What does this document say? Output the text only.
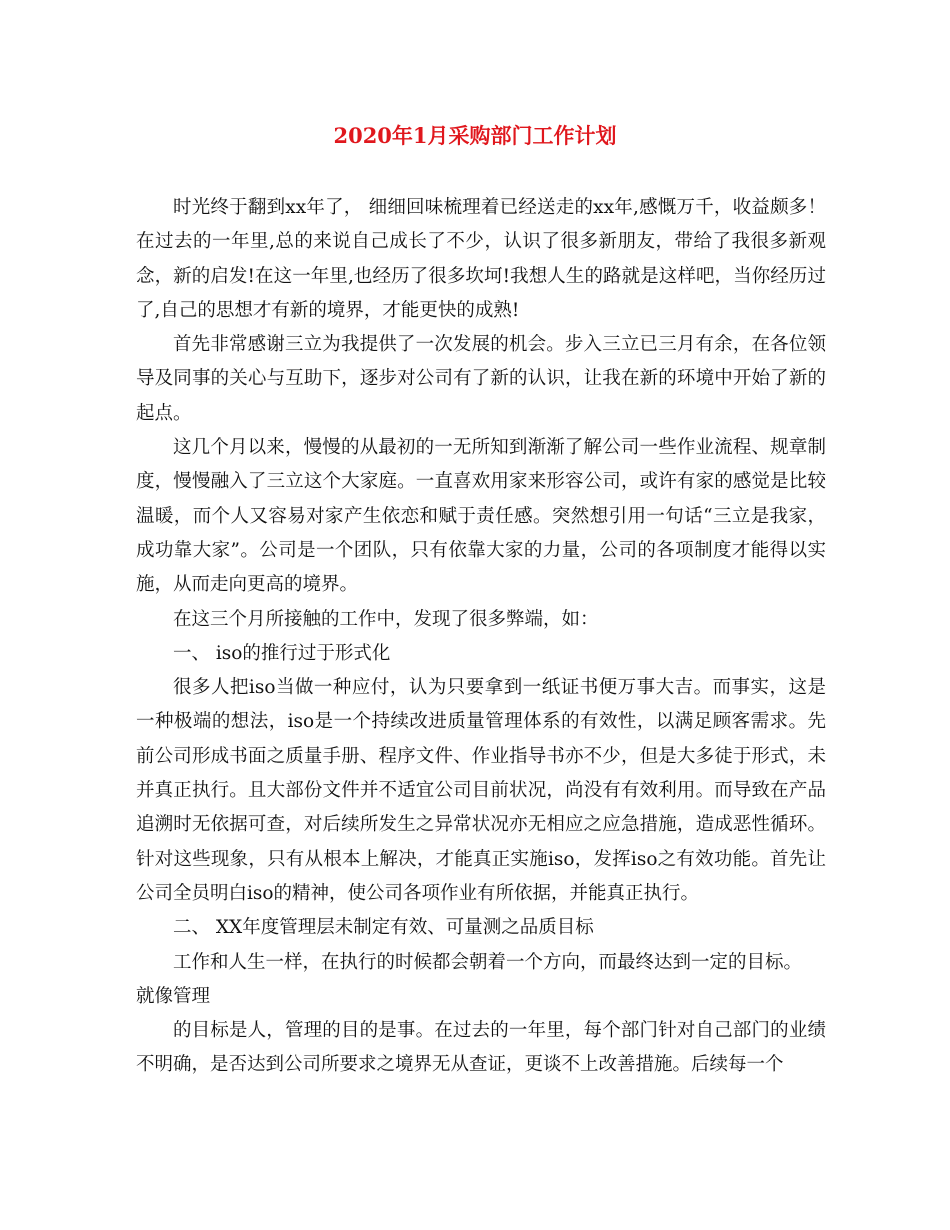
2020年1月采购部门工作计划

时光终于翻到xx年了， 细细回味梳理着已经送走的xx年,感慨万千，收益颇多！在过去的一年里,总的来说自己成长了不少，认识了很多新朋友，带给了我很多新观念，新的启发!在这一年里,也经历了很多坎坷!我想人生的路就是这样吧，当你经历过了,自己的思想才有新的境界，才能更快的成熟!

首先非常感谢三立为我提供了一次发展的机会。步入三立已三月有余，在各位领导及同事的关心与互助下，逐步对公司有了新的认识，让我在新的环境中开始了新的起点。

这几个月以来，慢慢的从最初的一无所知到渐渐了解公司一些作业流程、规章制度，慢慢融入了三立这个大家庭。一直喜欢用家来形容公司，或许有家的感觉是比较温暖，而个人又容易对家产生依恋和赋于责任感。突然想引用一句话“三立是我家，成功靠大家”。公司是一个团队，只有依靠大家的力量，公司的各项制度才能得以实施，从而走向更高的境界。

在这三个月所接触的工作中，发现了很多弊端，如：

一、 iso的推行过于形式化

很多人把iso当做一种应付，认为只要拿到一纸证书便万事大吉。而事实，这是一种极端的想法，iso是一个持续改进质量管理体系的有效性，以满足顾客需求。先前公司形成书面之质量手册、程序文件、作业指导书亦不少，但是大多徒于形式，未并真正执行。且大部份文件并不适宜公司目前状况，尚没有有效利用。而导致在产品追溯时无依据可查，对后续所发生之异常状况亦无相应之应急措施，造成恶性循环。针对这些现象，只有从根本上解决，才能真正实施iso，发挥iso之有效功能。首先让公司全员明白iso的精神，使公司各项作业有所依据，并能真正执行。

二、 XX年度管理层未制定有效、可量测之品质目标

工作和人生一样，在执行的时候都会朝着一个方向，而最终达到一定的目标。

就像管理

的目标是人，管理的目的是事。在过去的一年里，每个部门针对自己部门的业绩不明确，是否达到公司所要求之境界无从查证，更谈不上改善措施。后续每一个
